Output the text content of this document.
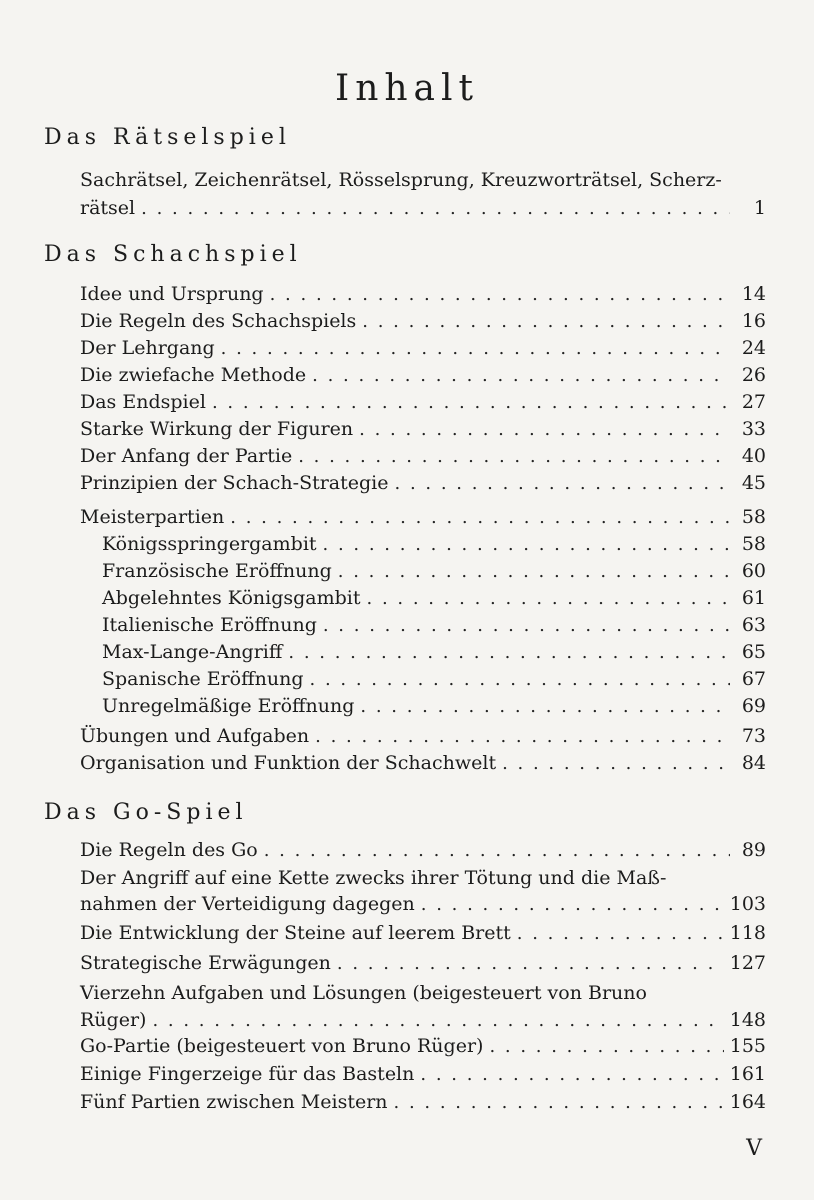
Inhalt
Das Rätselspiel
Sachrätsel, Zeichenrätsel, Rösselsprung, Kreuzworträtsel, Scherz-
rätsel . . .	1
Das Schachspiel
Idee und Ursprung . . .	14
Die Regeln des Schachspiels . . .	16
Der Lehrgang . . .	24
Die zwiefache Methode . . .	26
Das Endspiel . . .	27
Starke Wirkung der Figuren . . .	33
Der Anfang der Partie . . .	40
Prinzipien der Schach-Strategie . . .	45
Meisterpartien . . .	58
Königsspringergambit . . .	58
Französische Eröffnung . . .	60
Abgelehntes Königsgambit . . .	61
Italienische Eröffnung . . .	63
Max-Lange-Angriff . . .	65
Spanische Eröffnung . . .	67
Unregelmäßige Eröffnung . . .	69
Übungen und Aufgaben . . .	73
Organisation und Funktion der Schachwelt . . .	84
Das Go-Spiel
Die Regeln des Go . . .	89
Der Angriff auf eine Kette zwecks ihrer Tötung und die Maß-
nahmen der Verteidigung dagegen . . .	103
Die Entwicklung der Steine auf leerem Brett . . .	118
Strategische Erwägungen . . .	127
Vierzehn Aufgaben und Lösungen (beigesteuert von Bruno
Rüger) . . .	148
Go-Partie (beigesteuert von Bruno Rüger) . . .	155
Einige Fingerzeige für das Basteln . . .	161
Fünf Partien zwischen Meistern . . .	164
V
